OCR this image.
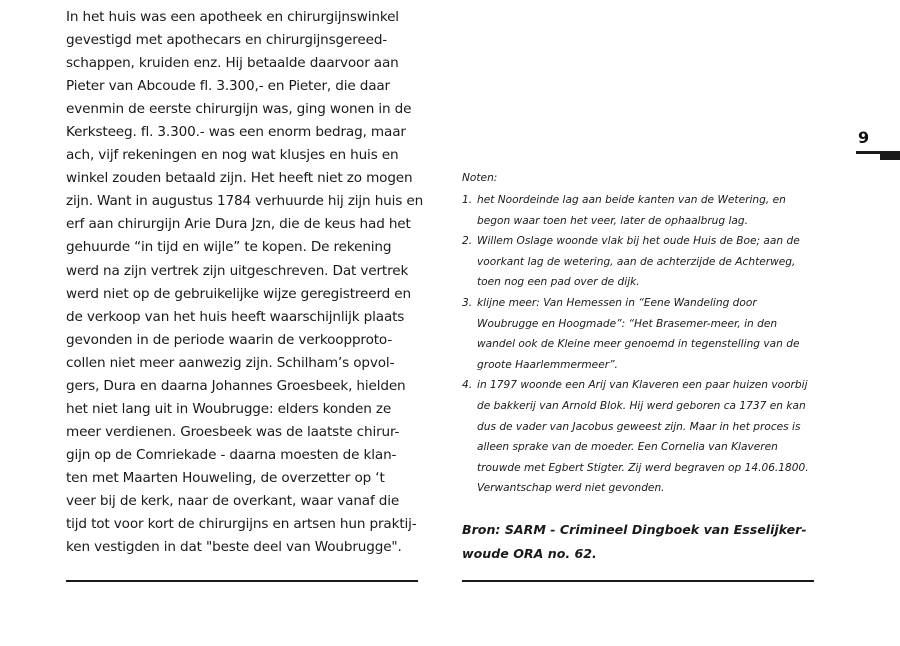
In het huis was een apotheek en chirurgijnswinkel
gevestigd met apothecars en chirurgijnsgereed-
schappen, kruiden enz. Hij betaalde daarvoor aan
Pieter van Abcoude fl. 3.300,- en Pieter, die daar
evenmin de eerste chirurgijn was, ging wonen in de
Kerksteeg. fl. 3.300.- was een enorm bedrag, maar
ach, vijf rekeningen en nog wat klusjes en huis en
winkel zouden betaald zijn. Het heeft niet zo mogen
zijn. Want in augustus 1784 verhuurde hij zijn huis en
erf aan chirurgijn Arie Dura Jzn, die de keus had het
gehuurde “in tijd en wijle” te kopen. De rekening
werd na zijn vertrek zijn uitgeschreven. Dat vertrek
werd niet op de gebruikelijke wijze geregistreerd en
de verkoop van het huis heeft waarschijnlijk plaats
gevonden in de periode waarin de verkoopproto-
collen niet meer aanwezig zijn. Schilham’s opvol-
gers, Dura en daarna Johannes Groesbeek, hielden
het niet lang uit in Woubrugge: elders konden ze
meer verdienen. Groesbeek was de laatste chirur-
gijn op de Comriekade - daarna moesten de klan-
ten met Maarten Houweling, de overzetter op ‘t
veer bij de kerk, naar de overkant, waar vanaf die
tijd tot voor kort de chirurgijns en artsen hun praktij-
ken vestigden in dat "beste deel van Woubrugge".
9
Noten:
1. het Noordeinde lag aan beide kanten van de Wetering, en
begon waar toen het veer, later de ophaalbrug lag.
2. Willem Oslage woonde vlak bij het oude Huis de Boe; aan de
voorkant lag de wetering, aan de achterzijde de Achterweg,
toen nog een pad over de dijk.
3. klijne meer: Van Hemessen in “Eene Wandeling door
Woubrugge en Hoogmade”: “Het Brasemer-meer, in den
wandel ook de Kleine meer genoemd in tegenstelling van de
groote Haarlemmermeer”.
4. in 1797 woonde een Arij van Klaveren een paar huizen voorbij
de bakkerij van Arnold Blok. Hij werd geboren ca 1737 en kan
dus de vader van Jacobus geweest zijn. Maar in het proces is
alleen sprake van de moeder. Een Cornelia van Klaveren
trouwde met Egbert Stigter. Zij werd begraven op 14.06.1800.
Verwantschap werd niet gevonden.
Bron: SARM - Crimineel Dingboek van Esselijker-
woude ORA no. 62.
